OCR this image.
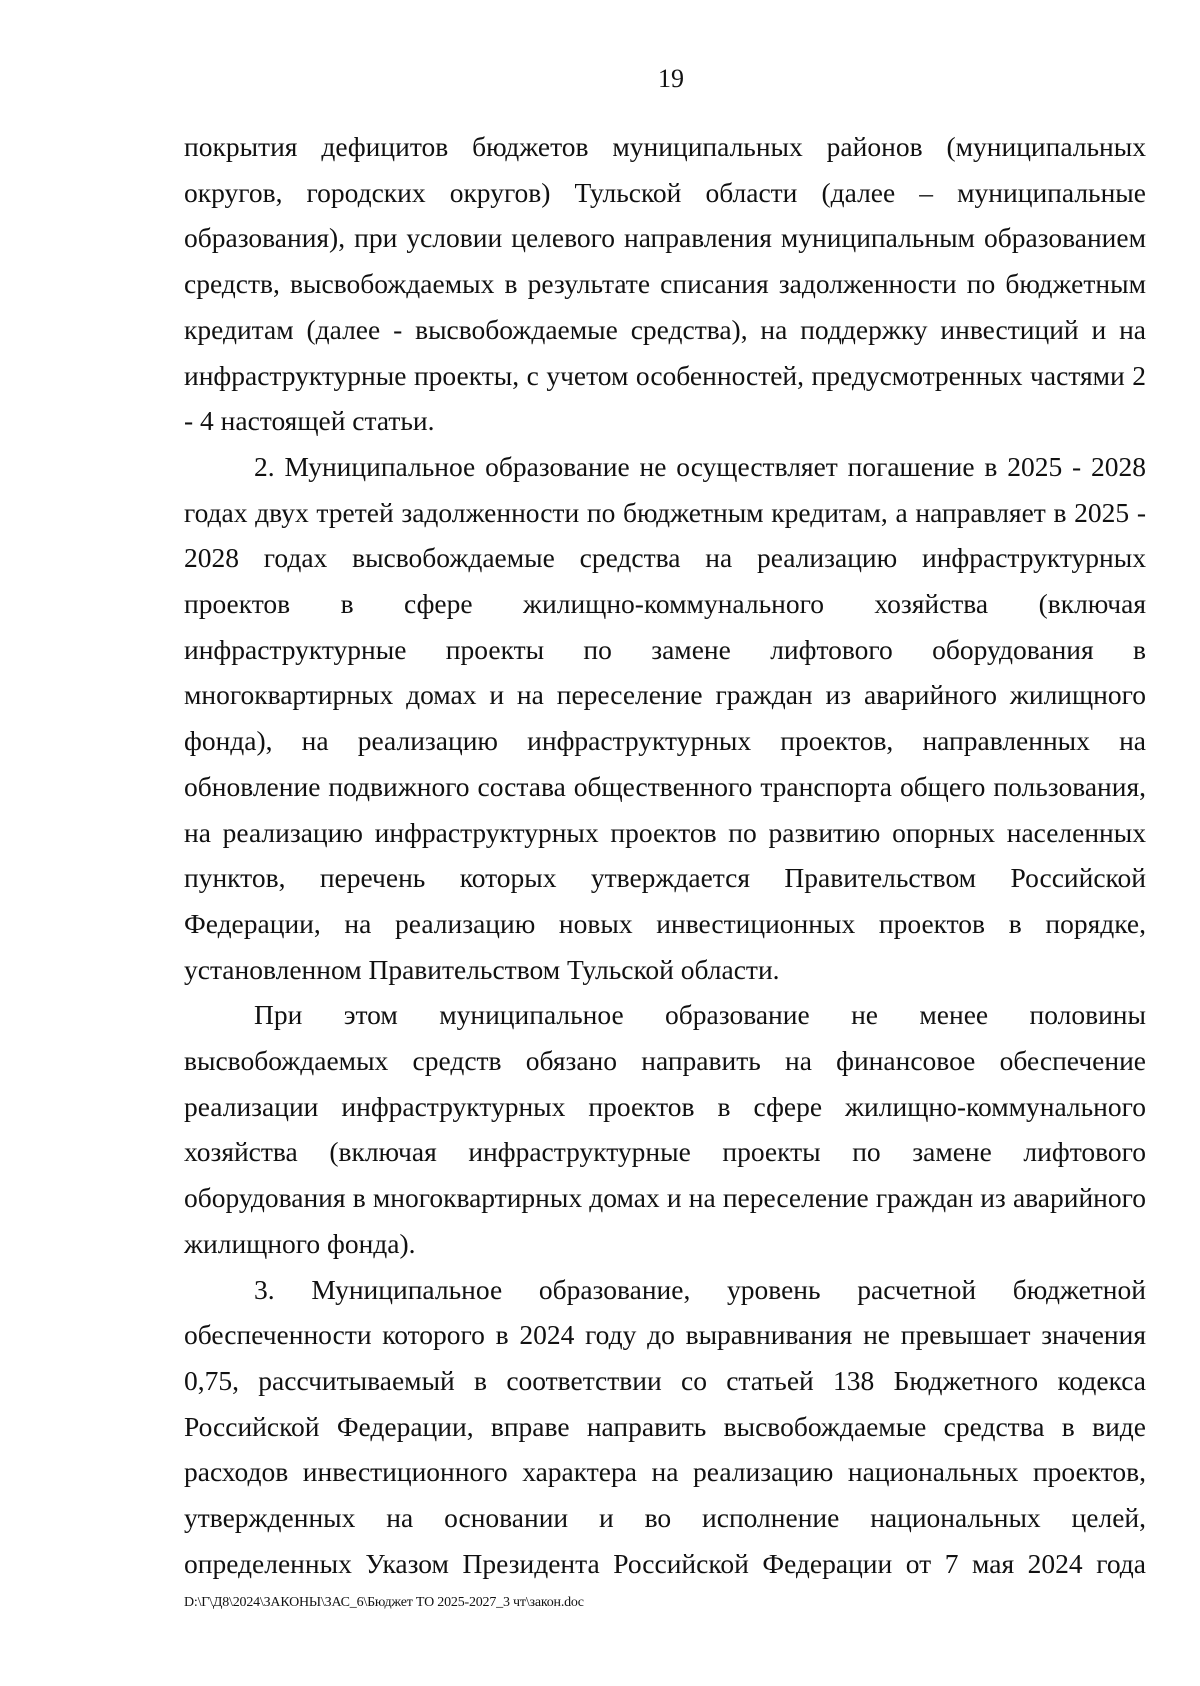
19

покрытия дефицитов бюджетов муниципальных районов (муниципальных округов, городских округов) Тульской области (далее – муниципальные образования), при условии целевого направления муниципальным образованием средств, высвобождаемых в результате списания задолженности по бюджетным кредитам (далее - высвобождаемые средства), на поддержку инвестиций и на инфраструктурные проекты, с учетом особенностей, предусмотренных частями 2 - 4 настоящей статьи.

2. Муниципальное образование не осуществляет погашение в 2025 - 2028 годах двух третей задолженности по бюджетным кредитам, а направляет в 2025 - 2028 годах высвобождаемые средства на реализацию инфраструктурных проектов в сфере жилищно-коммунального хозяйства (включая инфраструктурные проекты по замене лифтового оборудования в многоквартирных домах и на переселение граждан из аварийного жилищного фонда), на реализацию инфраструктурных проектов, направленных на обновление подвижного состава общественного транспорта общего пользования, на реализацию инфраструктурных проектов по развитию опорных населенных пунктов, перечень которых утверждается Правительством Российской Федерации, на реализацию новых инвестиционных проектов в порядке, установленном Правительством Тульской области.

При этом муниципальное образование не менее половины высвобождаемых средств обязано направить на финансовое обеспечение реализации инфраструктурных проектов в сфере жилищно-коммунального хозяйства (включая инфраструктурные проекты по замене лифтового оборудования в многоквартирных домах и на переселение граждан из аварийного жилищного фонда).

3. Муниципальное образование, уровень расчетной бюджетной обеспеченности которого в 2024 году до выравнивания не превышает значения 0,75, рассчитываемый в соответствии со статьей 138 Бюджетного кодекса Российской Федерации, вправе направить высвобождаемые средства в виде расходов инвестиционного характера на реализацию национальных проектов, утвержденных на основании и во исполнение национальных целей, определенных Указом Президента Российской Федерации от 7 мая 2024 года

D:\Г\Д8\2024\ЗАКОНЫ\ЗАС_6\Бюджет ТО 2025-2027_3 чт\закон.doc
